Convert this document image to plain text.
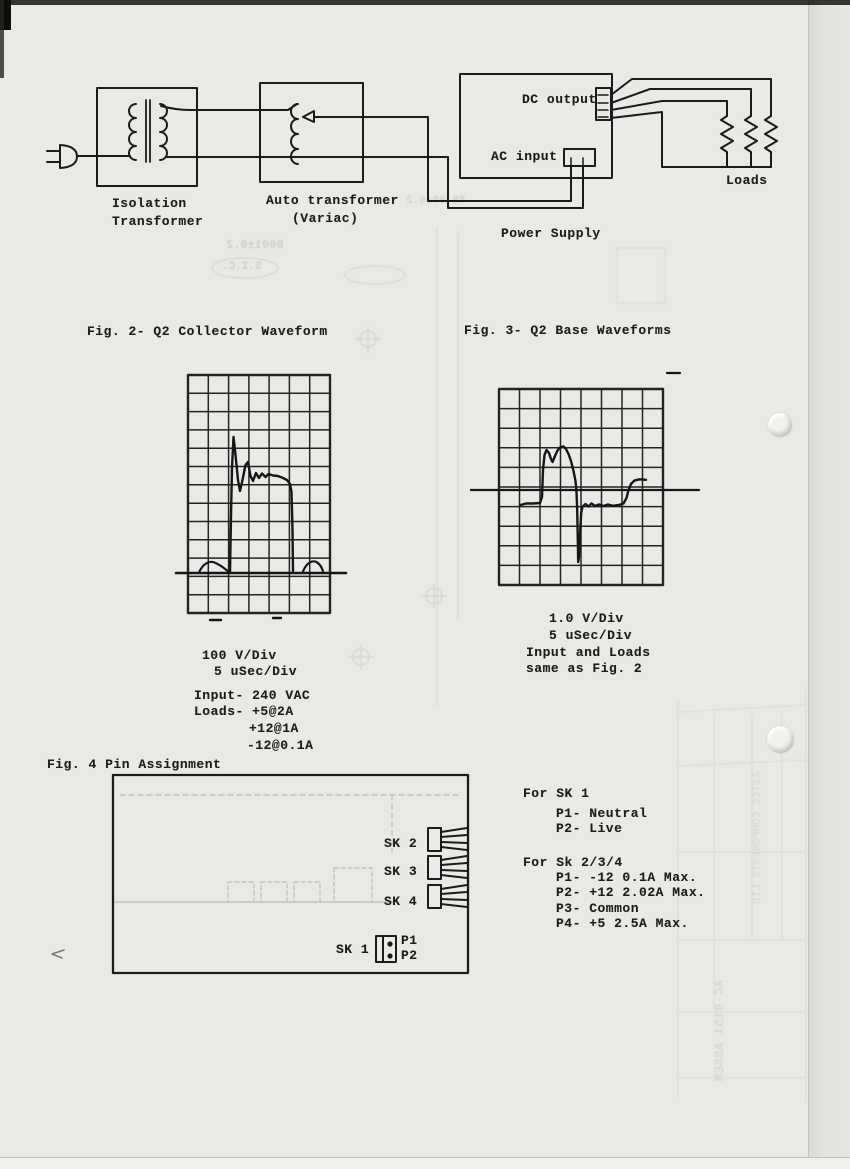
8001±0.2
S.I.C.
88.90±0.2
ASTEC COMPONENTS LTD
AC-9151 ASSEM
Isolation
Transformer
Auto transformer
(Variac)
DC output
AC input
Power Supply
Loads
Fig. 2- Q2 Collector Waveform
100 V/Div
5 uSec/Div
Input- 240 VAC
Loads- +5@2A
+12@1A
-12@0.1A
Fig. 3- Q2 Base Waveforms
1.0 V/Div
5 uSec/Div
Input and Loads
same as Fig. 2
Fig. 4 Pin Assignment
SK 2
SK 3
SK 4
SK 1
P1
P2
For SK 1
P1- Neutral
P2- Live
For Sk 2/3/4
P1- -12 0.1A Max.
P2- +12 2.02A Max.
P3- Common
P4- +5 2.5A Max.
